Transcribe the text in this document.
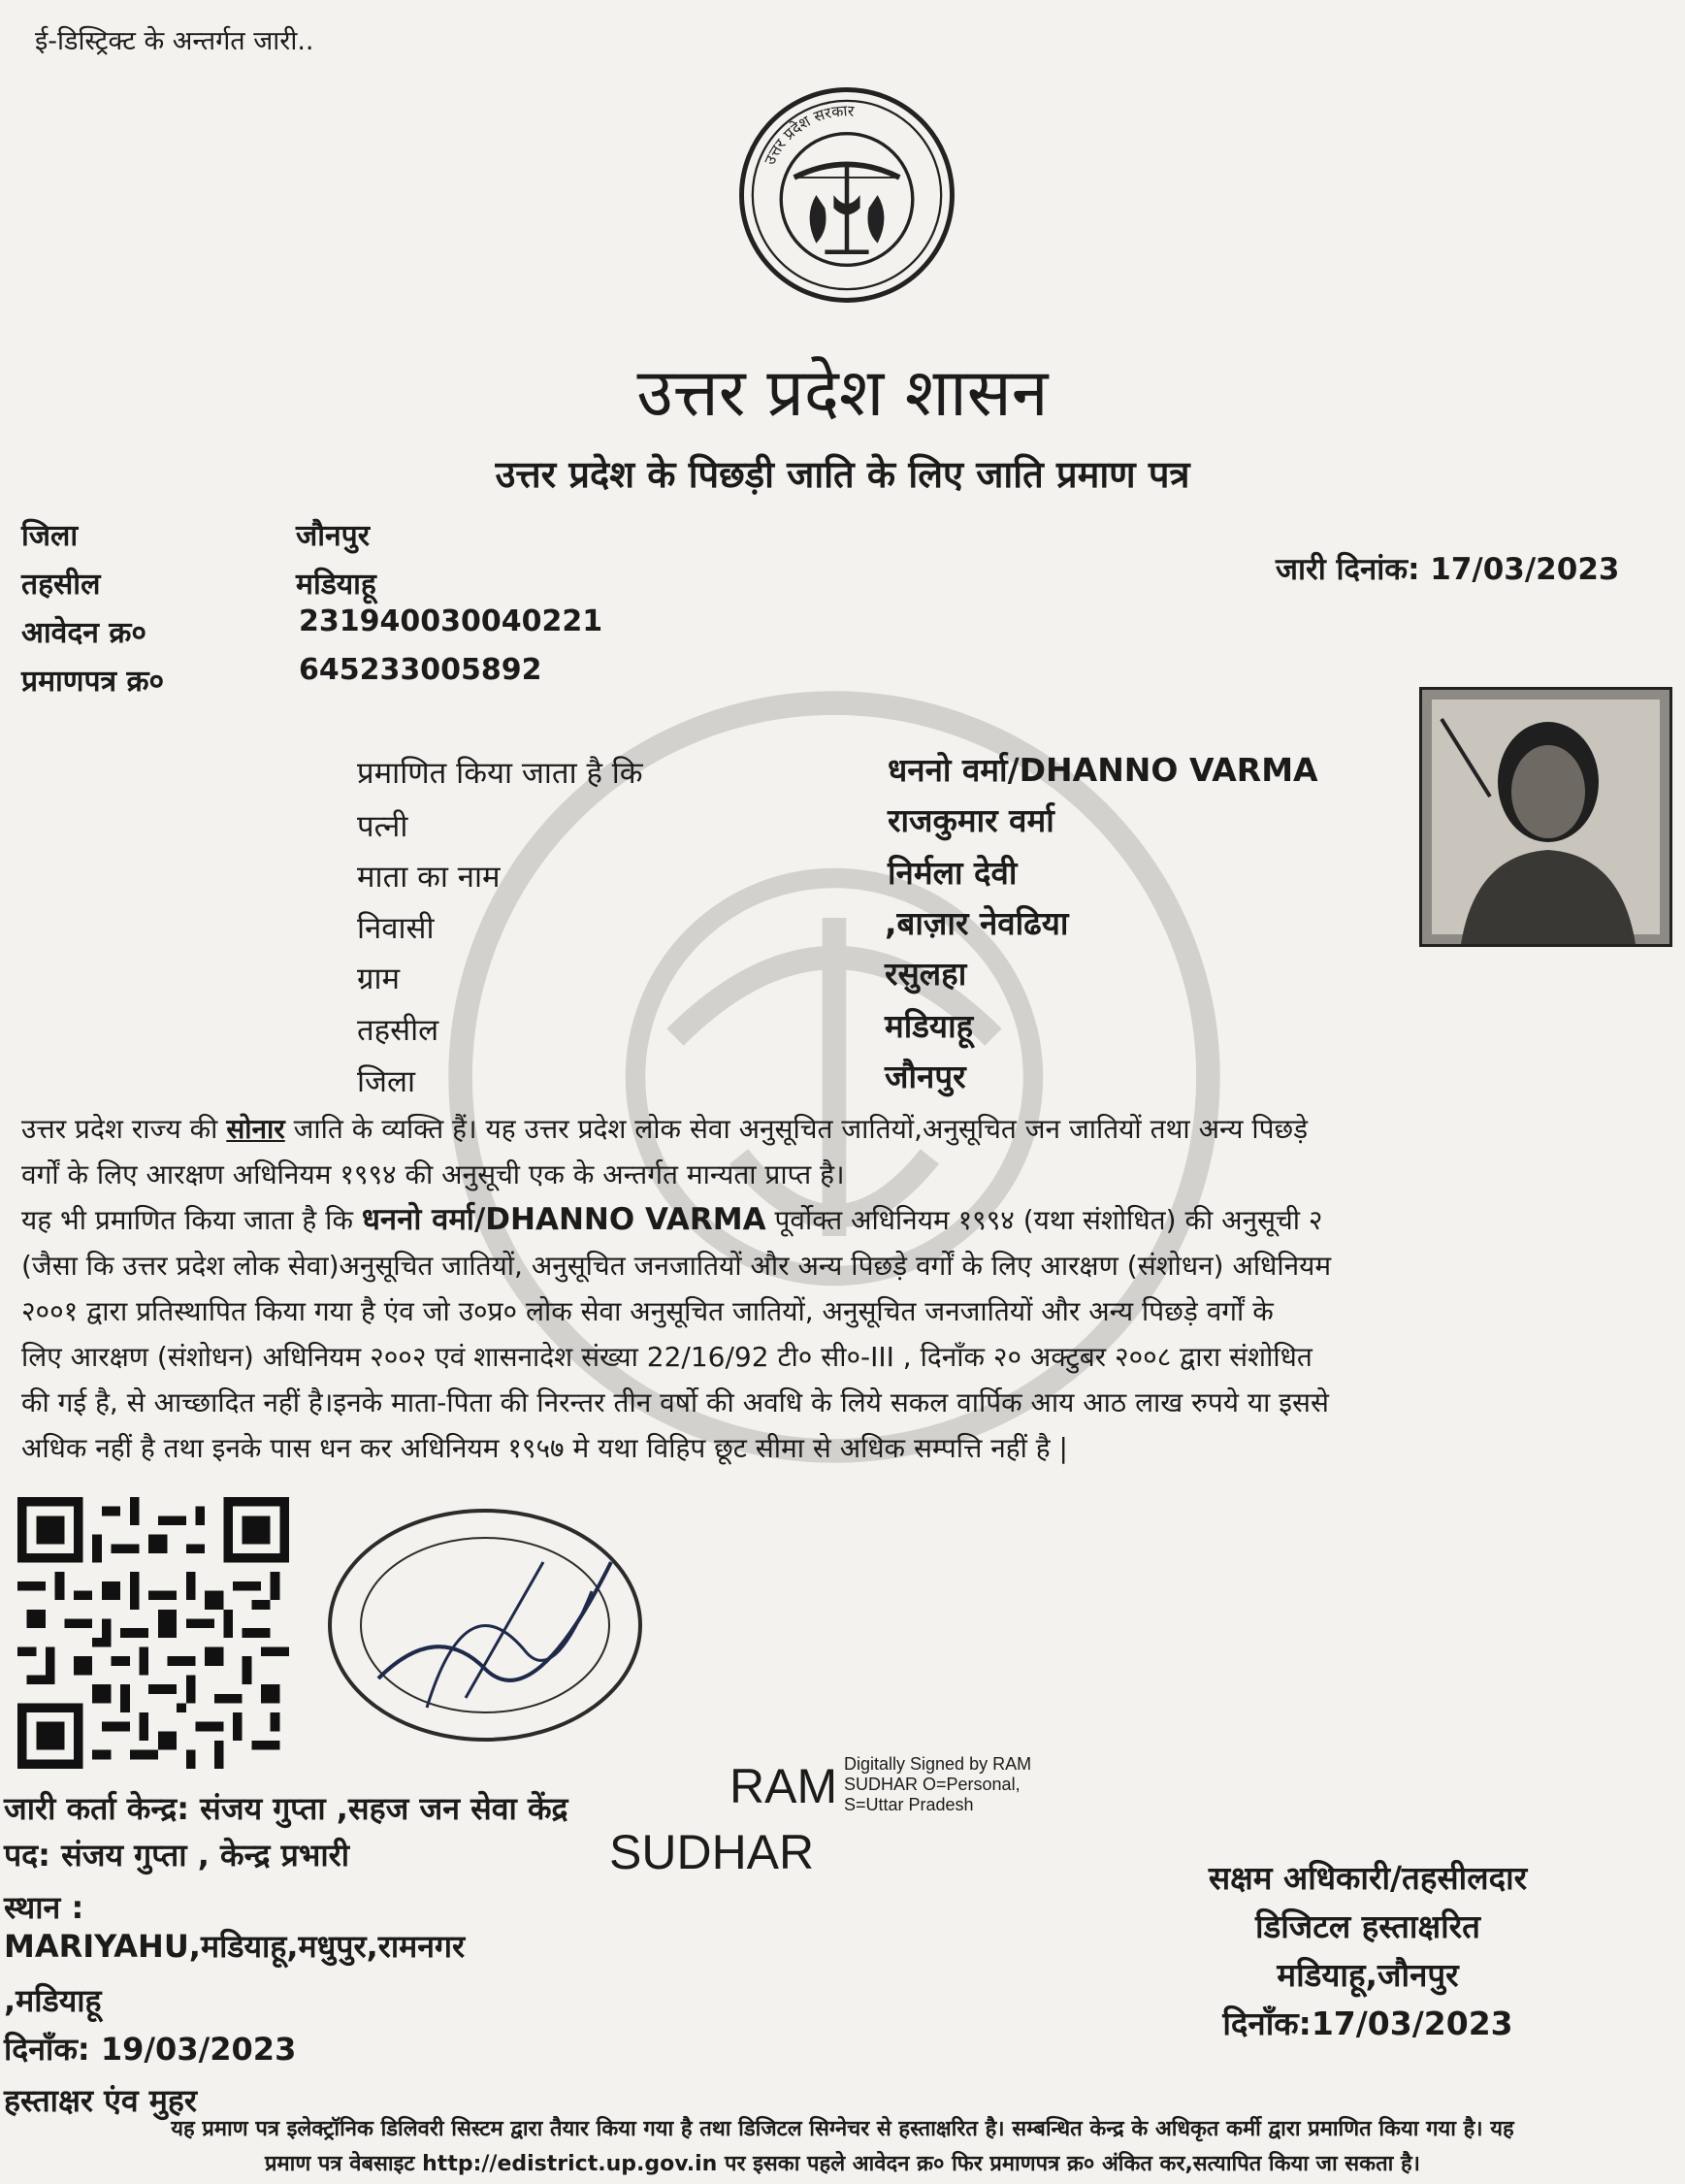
ई-डिस्ट्रिक्ट के अन्तर्गत जारी..
उत्तर प्रदेश सरकार
उत्तर प्रदेश शासन
उत्तर प्रदेश के पिछड़ी जाति के लिए जाति प्रमाण पत्र
जिला	जौनपुर
तहसील	मडियाहू
आवेदन क्र०	231940030040221
प्रमाणपत्र क्र०	645233005892
जारी दिनांक: 17/03/2023
प्रमाणित किया जाता है कि	धननो वर्मा/DHANNO VARMA
पत्नी	राजकुमार वर्मा
माता का नाम	निर्मला देवी
निवासी	,बाज़ार नेवढिया
ग्राम	रसुलहा
तहसील	मडियाहू
जिला	जौनपुर

उत्तर प्रदेश राज्य की सोनार जाति के व्यक्ति हैं। यह उत्तर प्रदेश लोक सेवा अनुसूचित जातियों,अनुसूचित जन जातियों तथा अन्य पिछड़े

वर्गों के लिए आरक्षण अधिनियम १९९४ की अनुसूची एक के अन्तर्गत मान्यता प्राप्त है।

यह भी प्रमाणित किया जाता है कि धननो वर्मा/DHANNO VARMA पूर्वोक्त अधिनियम १९९४ (यथा संशोधित) की अनुसूची २

(जैसा कि उत्तर प्रदेश लोक सेवा)अनुसूचित जातियों, अनुसूचित जनजातियों और अन्य पिछड़े वर्गों के लिए आरक्षण (संशोधन) अधिनियम

२००१ द्वारा प्रतिस्थापित किया गया है एंव जो उ०प्र० लोक सेवा अनुसूचित जातियों, अनुसूचित जनजातियों और अन्य पिछड़े वर्गों के

लिए आरक्षण (संशोधन) अधिनियम २००२ एवं शासनादेश संख्या 22/16/92 टी० सी०-III , दिनाँक २० अक्टुबर २००८ द्वारा संशोधित

की गई है, से आच्छादित नहीं है।इनके माता-पिता की निरन्तर तीन वर्षो की अवधि के लिये सकल वार्पिक आय आठ लाख रुपये या इससे

अधिक नहीं है तथा इनके पास धन कर अधिनियम १९५७ मे यथा विहिप छूट सीमा से अधिक सम्पत्ति नहीं है |

जारी कर्ता केन्द्र: संजय गुप्ता ,सहज जन सेवा केंद्र
पद: संजय गुप्ता , केन्द्र प्रभारी
स्थान :
MARIYAHU,मडियाहू,मधुपुर,रामनगर
,मडियाहू
दिनाँक: 19/03/2023
हस्ताक्षर एंव मुहर
RAM
SUDHAR
Digitally Signed by RAM
SUDHAR O=Personal,
S=Uttar Pradesh
सक्षम अधिकारी/तहसीलदार
डिजिटल हस्ताक्षरित
मडियाहू,जौनपुर
दिनाँक:17/03/2023
यह प्रमाण पत्र इलेक्ट्रॉनिक डिलिवरी सिस्टम द्वारा तैयार किया गया है तथा डिजिटल सिग्नेचर से हस्ताक्षरित है। सम्बन्धित केन्द्र के अधिकृत कर्मी द्वारा प्रमाणित किया गया है। यह
प्रमाण पत्र वेबसाइट http://edistrict.up.gov.in पर इसका पहले आवेदन क्र० फिर प्रमाणपत्र क्र० अंकित कर,सत्यापित किया जा सकता है।
